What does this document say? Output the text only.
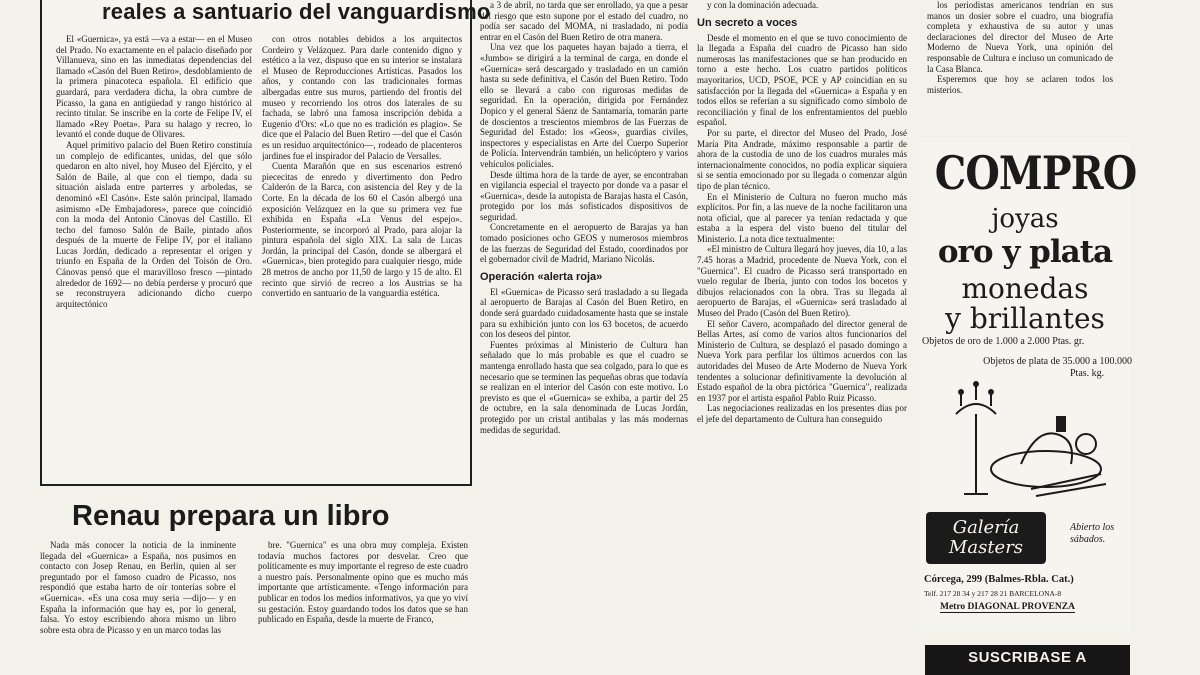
reales a santuario del vanguardismo

El «Guernica», ya está —va a estar— en el Museo del Prado. No exactamente en el palacio diseñado por Villanueva, sino en las inmediatas dependencias del llamado «Casón del Buen Retiro», desdoblamiento de la primera pinacoteca española. El edificio que guardará, para verdadera dicha, la obra cumbre de Picasso, la gana en antigüedad y rango histórico al recinto titular. Se inscribe en la corte de Felipe IV, el llamado «Rey Poeta». Para su halago y recreo, lo levantó el conde duque de Olivares.

Aquel primitivo palacio del Buen Retiro constituía un complejo de edificantes, unidas, del que sólo quedaron en alto nivel, hoy Museo del Ejército, y el Salón de Baile, al que con el tiempo, dada su situación aislada entre parterres y arboledas, se denominó «El Casón». Este salón principal, llamado asimismo «De Embajadores», parece que coincidió con la moda del Antonio Cánovas del Castillo. El techo del famoso Salón de Baile, pintado años después de la muerte de Felipe IV, por el italiano Lucas Jordán, dedicado a representar el origen y triunfo en España de la Orden del Toisón de Oro. Cánovas pensó que el maravilloso fresco —pintado alrededor de 1692— no debía perderse y procuró que se reconstruyera adicionando dicho cuerpo arquitectónico

con otros notables debidos a los arquitectos Cordeiro y Velázquez. Para darle contenido digno y estético a la vez, dispuso que en su interior se instalara el Museo de Reproducciones Artísticas. Pasados los años, y contando con las tradicionales formas albergadas entre sus muros, partiendo del frontis del museo y recorriendo los otros dos laterales de su fachada, se labró una famosa inscripción debida a Eugenio d'Ors: «Lo que no es tradición es plagio». Se dice que el Palacio del Buen Retiro —del que el Casón es un residuo arquitectónico—, rodeado de placenteros jardines fue el inspirador del Palacio de Versalles.

Cuenta Marañón que en sus escenarios estrenó piececitas de enredo y divertimento don Pedro Calderón de la Barca, con asistencia del Rey y de la Corte. En la década de los 60 el Casón albergó una exposición Velázquez en la que su primera vez fue exhibida en España «La Venus del espejo». Posteriormente, se incorporó al Prado, para alojar la pintura española del siglo XIX. La sala de Lucas Jordán, la principal del Casón, donde se albergará el «Guernica», bien protegido para cualquier riesgo, mide 28 metros de ancho por 11,50 de largo y 15 de alto. El recinto que sirvió de recreo a los Austrias se ha convertido en santuario de la vanguardia estética.

Renau prepara un libro

Nada más conocer la noticia de la inminente llegada del «Guernica» a España, nos pusimos en contacto con Josep Renau, en Berlín, quien al ser preguntado por el famoso cuadro de Picasso, nos respondió que estaba harto de oír tonterías sobre el «Guernica». «Es una cosa muy seria —dijo— y en España la información que hay es, por lo general, falsa. Yo estoy escribiendo ahora mismo un libro sobre esta obra de Picasso y en un marco todas las

bre. "Guernica" es una obra muy compleja. Existen todavía muchos factores por desvelar. Creo que políticamente es muy importante el regreso de este cuadro a nuestro país. Personalmente opino que es mucho más importante que artísticamente. «Tengo información para publicar en todos los medios informativos, ya que yo viví su gestación. Estoy guardando todos los datos que se han publicado en España, desde la muerte de Franco,

a 3 de abril, no tarda que ser enrollado, ya que a pesar del riesgo que esto supone por el estado del cuadro, no podía ser sacado del MOMA, ni trasladado, ni podía entrar en el Casón del Buen Retiro de otra manera.

Una vez que los paquetes hayan bajado a tierra, el «Jumbo» se dirigirá a la terminal de carga, en donde el «Guernica» será descargado y trasladado en un camión hasta su sede definitiva, el Casón del Buen Retiro. Todo ello se llevará a cabo con rigurosas medidas de seguridad. En la operación, dirigida por Fernández Dopico y el general Sáenz de Santamaría, tomarán parte de doscientos a trescientos miembros de las Fuerzas de Seguridad del Estado: los «Geos», guardias civiles, inspectores y especialistas en Arte del Cuerpo Superior de Policía. Intervendrán también, un helicóptero y varios vehículos policiales.

Desde última hora de la tarde de ayer, se encontraban en vigilancia especial el trayecto por donde va a pasar el «Guernica», desde la autopista de Barajas hasta el Casón, protegido por los más sofisticados dispositivos de seguridad.

Concretamente en el aeropuerto de Barajas ya han tomado posiciones ocho GEOS y numerosos miembros de las fuerzas de Seguridad del Estado, coordinados por el gobernador civil de Madrid, Mariano Nicolás.

Operación «alerta roja»

El «Guernica» de Picasso será trasladado a su llegada al aeropuerto de Barajas al Casón del Buen Retiro, en donde será guardado cuidadosamente hasta que se instale para su exhibición junto con los 63 bocetos, de acuerdo con los deseos del pintor.

Fuentes próximas al Ministerio de Cultura han señalado que lo más probable es que el cuadro se mantenga enrollado hasta que sea colgado, para lo que es necesario que se terminen las pequeñas obras que todavía se realizan en el interior del Casón con este motivo. Lo previsto es que el «Guernica» se exhiba, a partir del 25 de octubre, en la sala denominada de Lucas Jordán, protegido por un cristal antibalas y las más modernas medidas de seguridad.

y con la dominación adecuada.

Un secreto a voces

Desde el momento en el que se tuvo conocimiento de la llegada a España del cuadro de Picasso han sido numerosas las manifestaciones que se han producido en torno a este hecho. Los cuatro partidos políticos mayoritarios, UCD, PSOE, PCE y AP coincidían en su satisfacción por la llegada del «Guernica» a España y en todos ellos se referían a su significado como símbolo de reconciliación y final de los enfrentamientos del pueblo español.

Por su parte, el director del Museo del Prado, José María Pita Andrade, máximo responsable a partir de ahora de la custodia de uno de los cuadros murales más internacionalmente conocidos, no podía explicar siquiera si se sentía emocionado por su llegada o comenzar algún tipo de plan técnico.

En el Ministerio de Cultura no fueron mucho más explícitos. Por fin, a las nueve de la noche facilitaron una nota oficial, que al parecer ya tenían redactada y que estaba a la espera del visto bueno del titular del Ministerio. La nota dice textualmente:

«El ministro de Cultura llegará hoy jueves, día 10, a las 7.45 horas a Madrid, procedente de Nueva York, con el "Guernica". El cuadro de Picasso será transportado en vuelo regular de Iberia, junto con todos los bocetos y dibujos relacionados con la obra. Tras su llegada al aeropuerto de Barajas, el «Guernica» será trasladado al Museo del Prado (Casón del Buen Retiro).

El señor Cavero, acompañado del director general de Bellas Artes, así como de varios altos funcionarios del Ministerio de Cultura, se desplazó el pasado domingo a Nueva York para perfilar los últimos acuerdos con las autoridades del Museo de Arte Moderno de Nueva York tendentes a solucionar definitivamente la devolución al Estado español de la obra pictórica "Guernica", realizada en 1937 por el artista español Pablo Ruiz Picasso.

Las negociaciones realizadas en los presentes días por el jefe del departamento de Cultura han conseguido

los periodistas americanos tendrían en sus manos un dosier sobre el cuadro, una biografía completa y exhaustiva de su autor y unas declaraciones del director del Museo de Arte Moderno de Nueva York, una opinión del responsable de Cultura e incluso un comunicado de la Casa Blanca.

Esperemos que hoy se aclaren todos los misterios.

COMPRO
joyas
oro y plata
monedas
y brillantes
Objetos de oro de 1.000 a 2.000 Ptas. gr.
Objetos de plata de 35.000 a 100.000
Ptas. kg.
Galería Masters
Abierto los sábados.
Córcega, 299 (Balmes-Rbla. Cat.)
Telf. 217 28 34 y 217 28 21 BARCELONA-8
Metro DIAGONAL PROVENZA
SUSCRIBASE A
